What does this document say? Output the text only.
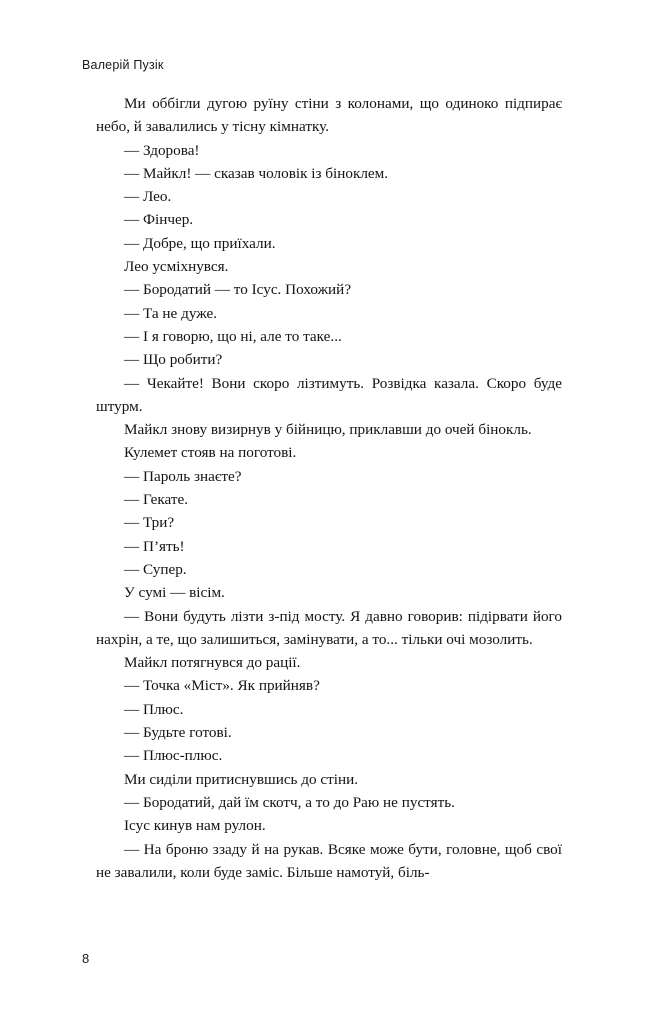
Валерій Пузік

Ми оббігли дугою руїну стіни з колонами, що одиноко підпирає небо, й завалились у тісну кімнатку.

— Здорова!

— Майкл! — сказав чоловік із біноклем.

— Лео.

— Фінчер.

— Добре, що приїхали.

Лео усміхнувся.

— Бородатий — то Ісус. Похожий?

— Та не дуже.

— І я говорю, що ні, але то таке...

— Що робити?

— Чекайте! Вони скоро лізтимуть. Розвідка казала. Скоро буде штурм.

Майкл знову визирнув у бійницю, приклавши до очей бінокль.

Кулемет стояв на поготові.

— Пароль знаєте?

— Гекате.

— Три?

— П’ять!

— Супер.

У сумі — вісім.

— Вони будуть лізти з-під мосту. Я давно говорив: підірвати його нахрін, а те, що залишиться, замінувати, а то... тільки очі мозолить.

Майкл потягнувся до рації.

— Точка «Міст». Як прийняв?

— Плюс.

— Будьте готові.

— Плюс-плюс.

Ми сиділи притиснувшись до стіни.

— Бородатий, дай їм скотч, а то до Раю не пустять.

Ісус кинув нам рулон.

— На броню ззаду й на рукав. Всяке може бути, головне, щоб свої не завалили, коли буде заміс. Більше намотуй, біль-

8
